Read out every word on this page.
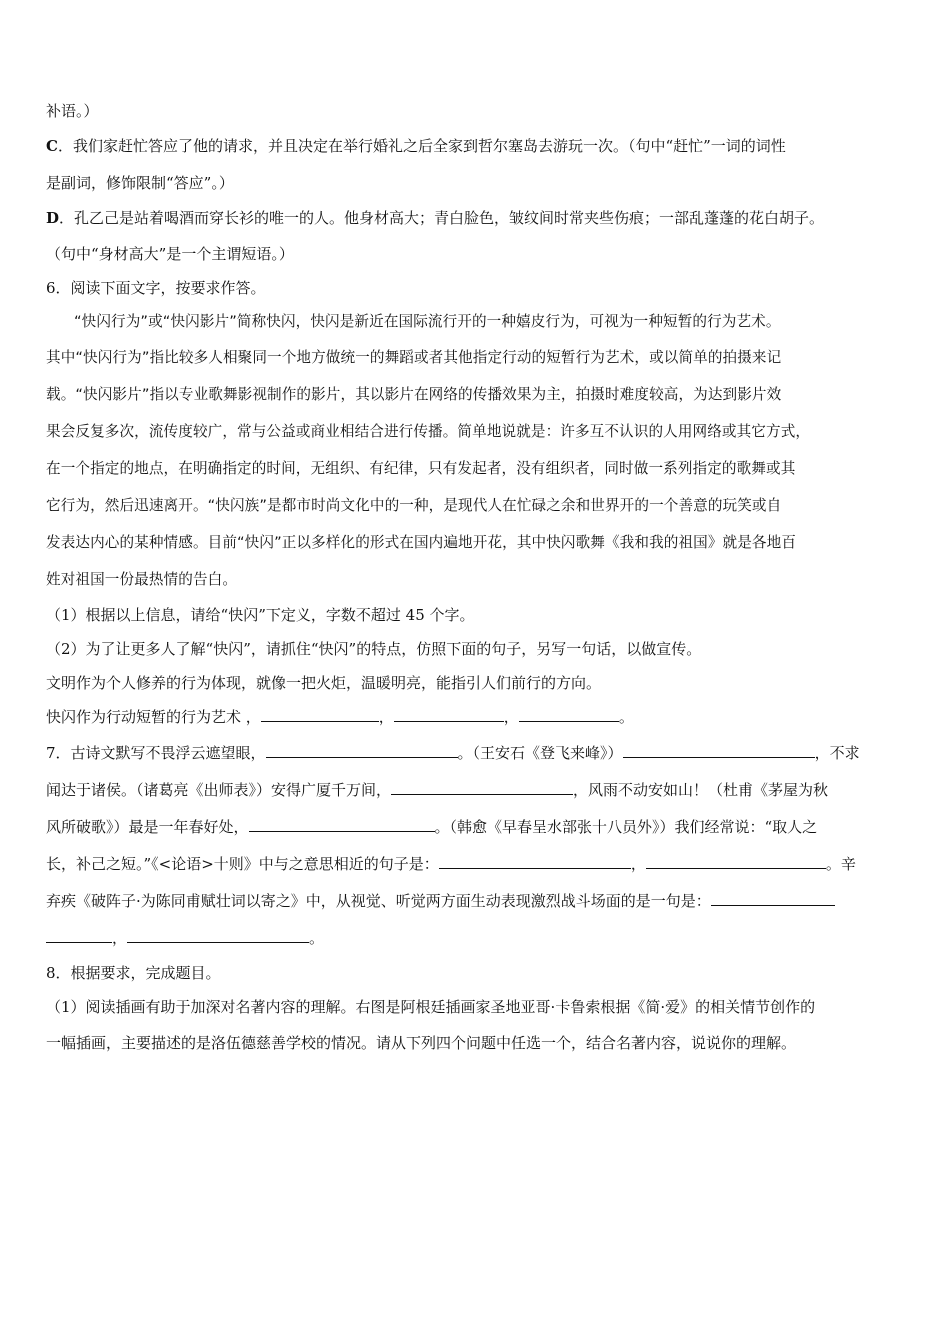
补语。）
C．我们家赶忙答应了他的请求，并且决定在举行婚礼之后全家到哲尔塞岛去游玩一次。（句中“赶忙”一词的词性
是副词，修饰限制“答应”。）
D．孔乙己是站着喝酒而穿长衫的唯一的人。他身材高大；青白脸色，皱纹间时常夹些伤痕；一部乱蓬蓬的花白胡子。
（句中“身材高大”是一个主谓短语。）
6．阅读下面文字，按要求作答。
“快闪行为”或“快闪影片”简称快闪，快闪是新近在国际流行开的一种嬉皮行为，可视为一种短暂的行为艺术。
其中“快闪行为”指比较多人相聚同一个地方做统一的舞蹈或者其他指定行动的短暂行为艺术，或以简单的拍摄来记
载。“快闪影片”指以专业歌舞影视制作的影片，其以影片在网络的传播效果为主，拍摄时难度较高，为达到影片效
果会反复多次，流传度较广，常与公益或商业相结合进行传播。简单地说就是：许多互不认识的人用网络或其它方式，
在一个指定的地点，在明确指定的时间，无组织、有纪律，只有发起者，没有组织者，同时做一系列指定的歌舞或其
它行为，然后迅速离开。“快闪族”是都市时尚文化中的一种，是现代人在忙碌之余和世界开的一个善意的玩笑或自
发表达内心的某种情感。目前“快闪”正以多样化的形式在国内遍地开花，其中快闪歌舞《我和我的祖国》就是各地百
姓对祖国一份最热情的告白。
（1）根据以上信息，请给“快闪”下定义，字数不超过 45 个字。
（2）为了让更多人了解“快闪”，请抓住“快闪”的特点，仿照下面的句子，另写一句话，以做宣传。
文明作为个人修养的行为体现，就像一把火炬，温暖明亮，能指引人们前行的方向。
快闪作为行动短暂的行为艺术 ，	，	，	。
7．古诗文默写不畏浮云遮望眼，	。（王安石《登飞来峰》）	，不求
闻达于诸侯。（诸葛亮《出师表》）安得广厦千万间，	，风雨不动安如山！（杜甫《茅屋为秋
风所破歌》）最是一年春好处，	。（韩愈《早春呈水部张十八员外》）我们经常说：“取人之
长，补己之短。”《<论语>十则》中与之意思相近的句子是：	，	。辛
弃疾《破阵子·为陈同甫赋壮词以寄之》中，从视觉、听觉两方面生动表现激烈战斗场面的是一句是：
，	。
8．根据要求，完成题目。
（1）阅读插画有助于加深对名著内容的理解。右图是阿根廷插画家圣地亚哥·卡鲁索根据《简·爱》的相关情节创作的
一幅插画，主要描述的是洛伍德慈善学校的情况。请从下列四个问题中任选一个，结合名著内容，说说你的理解。
